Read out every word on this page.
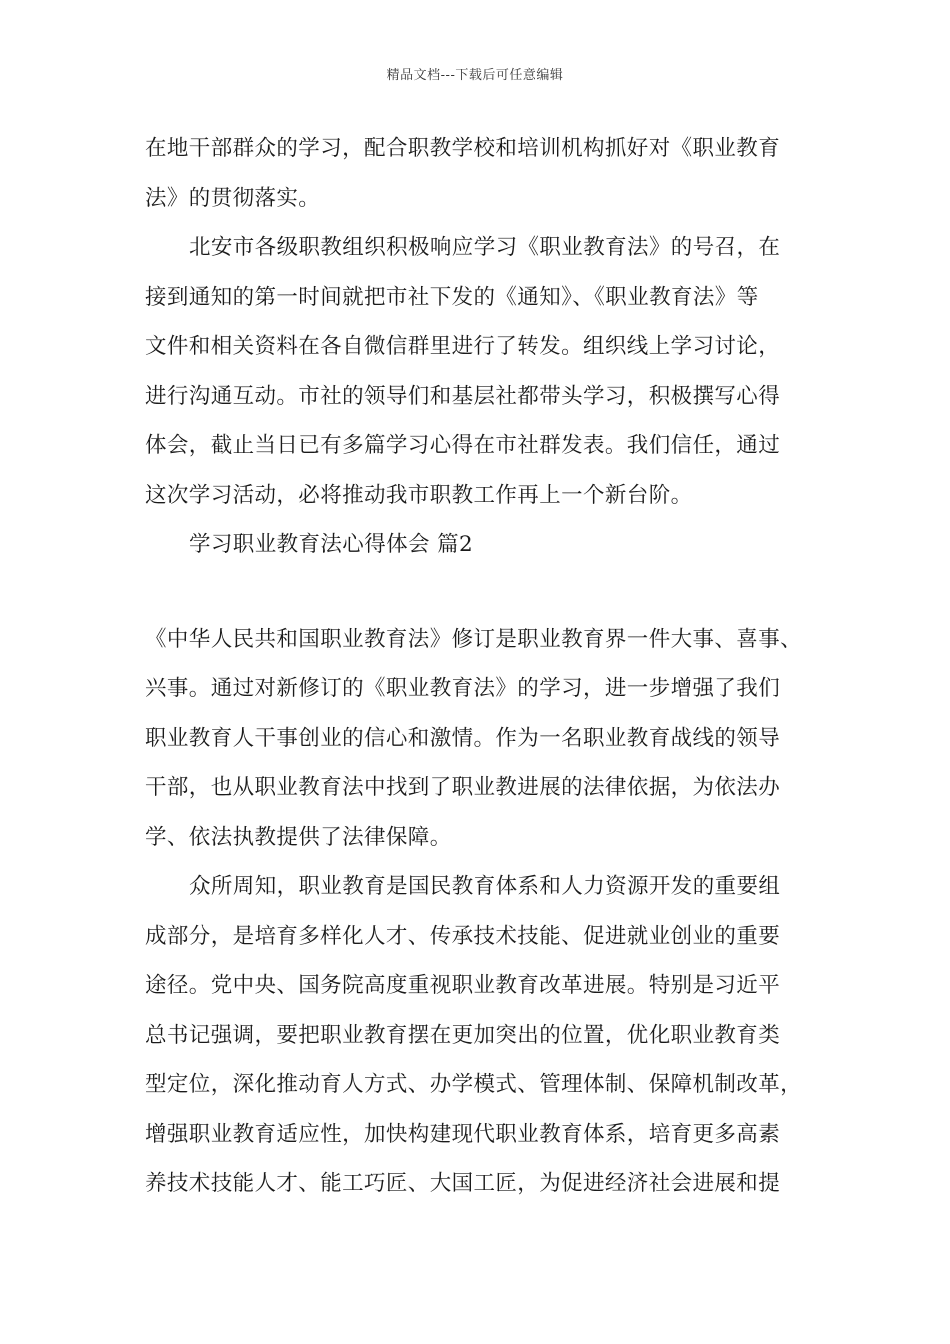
精品文档---下载后可任意编辑
在地干部群众的学习，配合职教学校和培训机构抓好对《职业教育
法》的贯彻落实。
北安市各级职教组织积极响应学习《职业教育法》的号召，在
接到通知的第一时间就把市社下发的《通知》、《职业教育法》等
文件和相关资料在各自微信群里进行了转发。组织线上学习讨论，
进行沟通互动。市社的领导们和基层社都带头学习，积极撰写心得
体会，截止当日已有多篇学习心得在市社群发表。我们信任，通过
这次学习活动，必将推动我市职教工作再上一个新台阶。
学习职业教育法心得体会 篇2
《中华人民共和国职业教育法》修订是职业教育界一件大事、喜事、
兴事。通过对新修订的《职业教育法》的学习，进一步增强了我们
职业教育人干事创业的信心和激情。作为一名职业教育战线的领导
干部，也从职业教育法中找到了职业教进展的法律依据，为依法办
学、依法执教提供了法律保障。
众所周知，职业教育是国民教育体系和人力资源开发的重要组
成部分，是培育多样化人才、传承技术技能、促进就业创业的重要
途径。党中央、国务院高度重视职业教育改革进展。特别是习近平
总书记强调，要把职业教育摆在更加突出的位置，优化职业教育类
型定位，深化推动育人方式、办学模式、管理体制、保障机制改革，
增强职业教育适应性，加快构建现代职业教育体系，培育更多高素
养技术技能人才、能工巧匠、大国工匠，为促进经济社会进展和提
